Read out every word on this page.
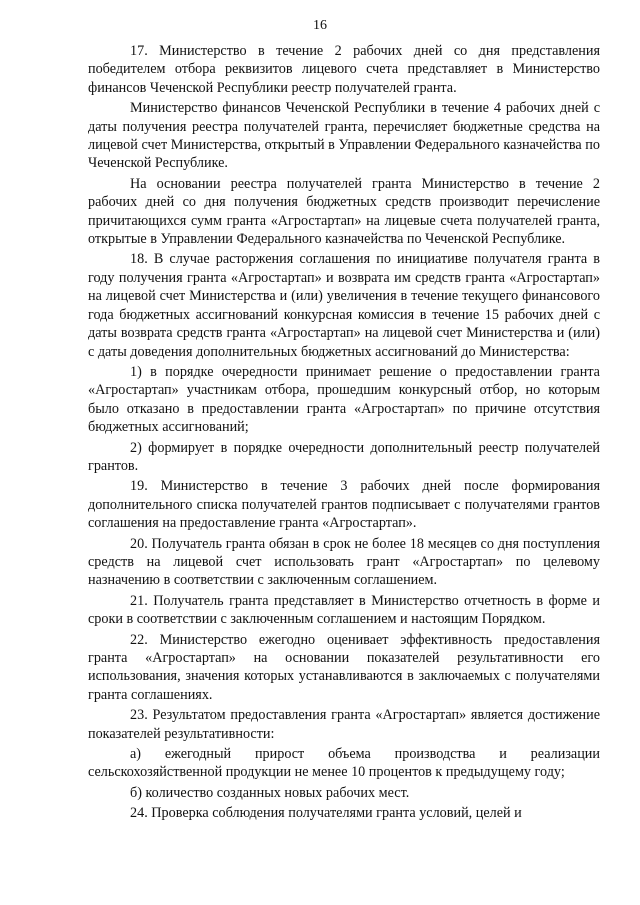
16

17. Министерство в течение 2 рабочих дней со дня представления победителем отбора реквизитов лицевого счета представляет в Министерство финансов Чеченской Республики реестр получателей гранта.

Министерство финансов Чеченской Республики в течение 4 рабочих дней с даты получения реестра получателей гранта, перечисляет бюджетные средства на лицевой счет Министерства, открытый в Управлении Федерального казначейства по Чеченской Республике.

На основании реестра получателей гранта Министерство в течение 2 рабочих дней со дня получения бюджетных средств производит перечисление причитающихся сумм гранта «Агростартап» на лицевые счета получателей гранта, открытые в Управлении Федерального казначейства по Чеченской Республике.

18. В случае расторжения соглашения по инициативе получателя гранта в году получения гранта «Агростартап» и возврата им средств гранта «Агростартап» на лицевой счет Министерства и (или) увеличения в течение текущего финансового года бюджетных ассигнований конкурсная комиссия в течение 15 рабочих дней с даты возврата средств гранта «Агростартап» на лицевой счет Министерства и (или) с даты доведения дополнительных бюджетных ассигнований до Министерства:

1) в порядке очередности принимает решение о предоставлении гранта «Агростартап» участникам отбора, прошедшим конкурсный отбор, но которым было отказано в предоставлении гранта «Агростартап» по причине отсутствия бюджетных ассигнований;

2) формирует в порядке очередности дополнительный реестр получателей грантов.

19. Министерство в течение 3 рабочих дней после формирования дополнительного списка получателей грантов подписывает с получателями грантов соглашения на предоставление гранта «Агростартап».

20. Получатель гранта обязан в срок не более 18 месяцев со дня поступления средств на лицевой счет использовать грант «Агростартап» по целевому назначению в соответствии с заключенным соглашением.

21. Получатель гранта представляет в Министерство отчетность в форме и сроки в соответствии с заключенным соглашением и настоящим Порядком.

22. Министерство ежегодно оценивает эффективность предоставления гранта «Агростартап» на основании показателей результативности его использования, значения которых устанавливаются в заключаемых с получателями гранта соглашениях.

23. Результатом предоставления гранта «Агростартап» является достижение показателей результативности:

а) ежегодный прирост объема производства и реализации сельскохозяйственной продукции не менее 10 процентов к предыдущему году;

б) количество созданных новых рабочих мест.

24. Проверка соблюдения получателями гранта условий, целей и
